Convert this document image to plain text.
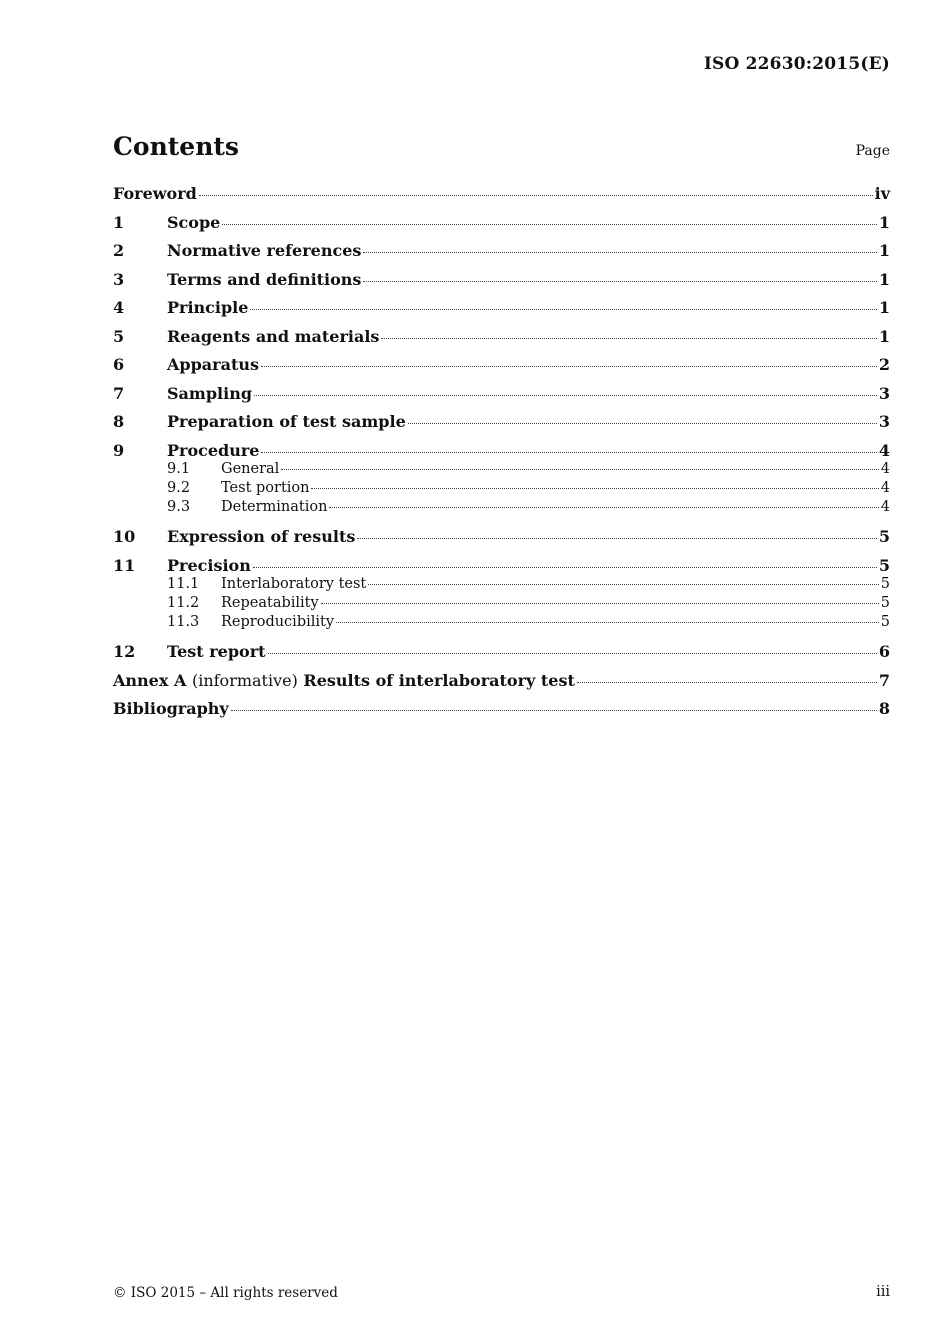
ISO 22630:2015(E)
Contents	Page
Foreword	iv
1	Scope	1
2	Normative references	1
3	Terms and definitions	1
4	Principle	1
5	Reagents and materials	1
6	Apparatus	2
7	Sampling	3
8	Preparation of test sample	3
9	Procedure	4
9.1	General	4
9.2	Test portion	4
9.3	Determination	4
10	Expression of results	5
11	Precision	5
11.1	Interlaboratory test	5
11.2	Repeatability	5
11.3	Reproducibility	5
12	Test report	6
Annex A (informative) Results of interlaboratory test	7
Bibliography	8
© ISO 2015 – All rights reserved	iii
